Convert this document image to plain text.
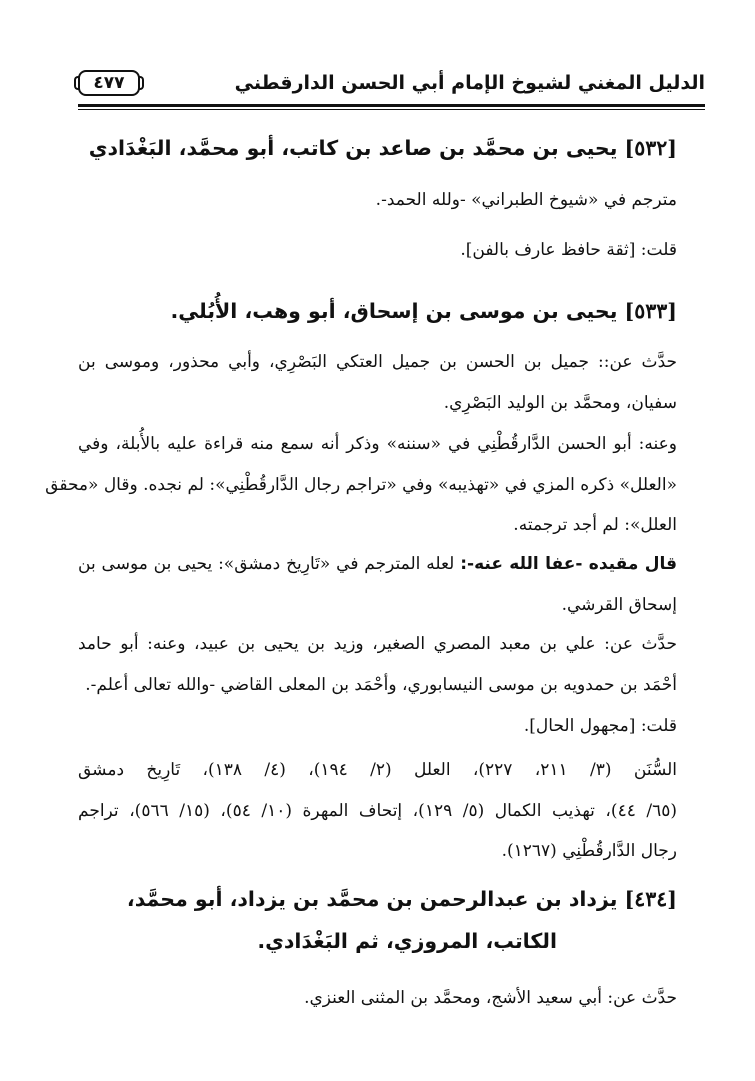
الدليل المغني لشيوخ الإمام أبي الحسن الدارقطني
٤٧٧
[٥٣٢] يحيى بن محمَّد بن صاعد بن كاتب، أبو محمَّد، البَغْدَادي
مترجم في «شيوخ الطبراني» -ولله الحمد-.
قلت: [ثقة حافظ عارف بالفن].
[٥٣٣] يحيى بن موسى بن إسحاق، أبو وهب، الأُبُلي.
حدَّث عن:: جميل بن الحسن بن جميل العتكي البَصْرِي، وأبي محذور، وموسى بن
سفيان، ومحمَّد بن الوليد البَصْرِي.
وعنه: أبو الحسن الدَّارقُطْنِي في «سننه» وذكر أنه سمع منه قراءة عليه بالأُبلة، وفي
«العلل» ذكره المزي في «تهذيبه» وفي «تراجم رجال الدَّارقُطْنِي»: لم نجده. وقال «محقق
العلل»: لم أجد ترجمته.
قال مقيده -عفا الله عنه-: لعله المترجم في «تَارِيخ دمشق»: يحيى بن موسى بن
إسحاق القرشي.
حدَّث عن: علي بن معبد المصري الصغير، وزيد بن يحيى بن عبيد، وعنه: أبو حامد
أحْمَد بن حمدويه بن موسى النيسابوري، وأحْمَد بن المعلى القاضي -والله تعالى أعلم-.
قلت: [مجهول الحال].
السُّنَن (٣/ ٢١١، ٢٢٧)، العلل (٢/ ١٩٤)، (٤/ ١٣٨)، تَارِيخ دمشق
(٦٥/ ٤٤)، تهذيب الكمال (٥/ ١٢٩)، إتحاف المهرة (١٠/ ٥٤)، (١٥/ ٥٦٦)، تراجم
رجال الدَّارقُطْنِي (١٢٦٧).
[٤٣٤] يزداد بن عبدالرحمن بن محمَّد بن يزداد، أبو محمَّد،
الكاتب، المروزي، ثم البَغْدَادي.
حدَّث عن: أبي سعيد الأشج، ومحمَّد بن المثنى العنزي.
